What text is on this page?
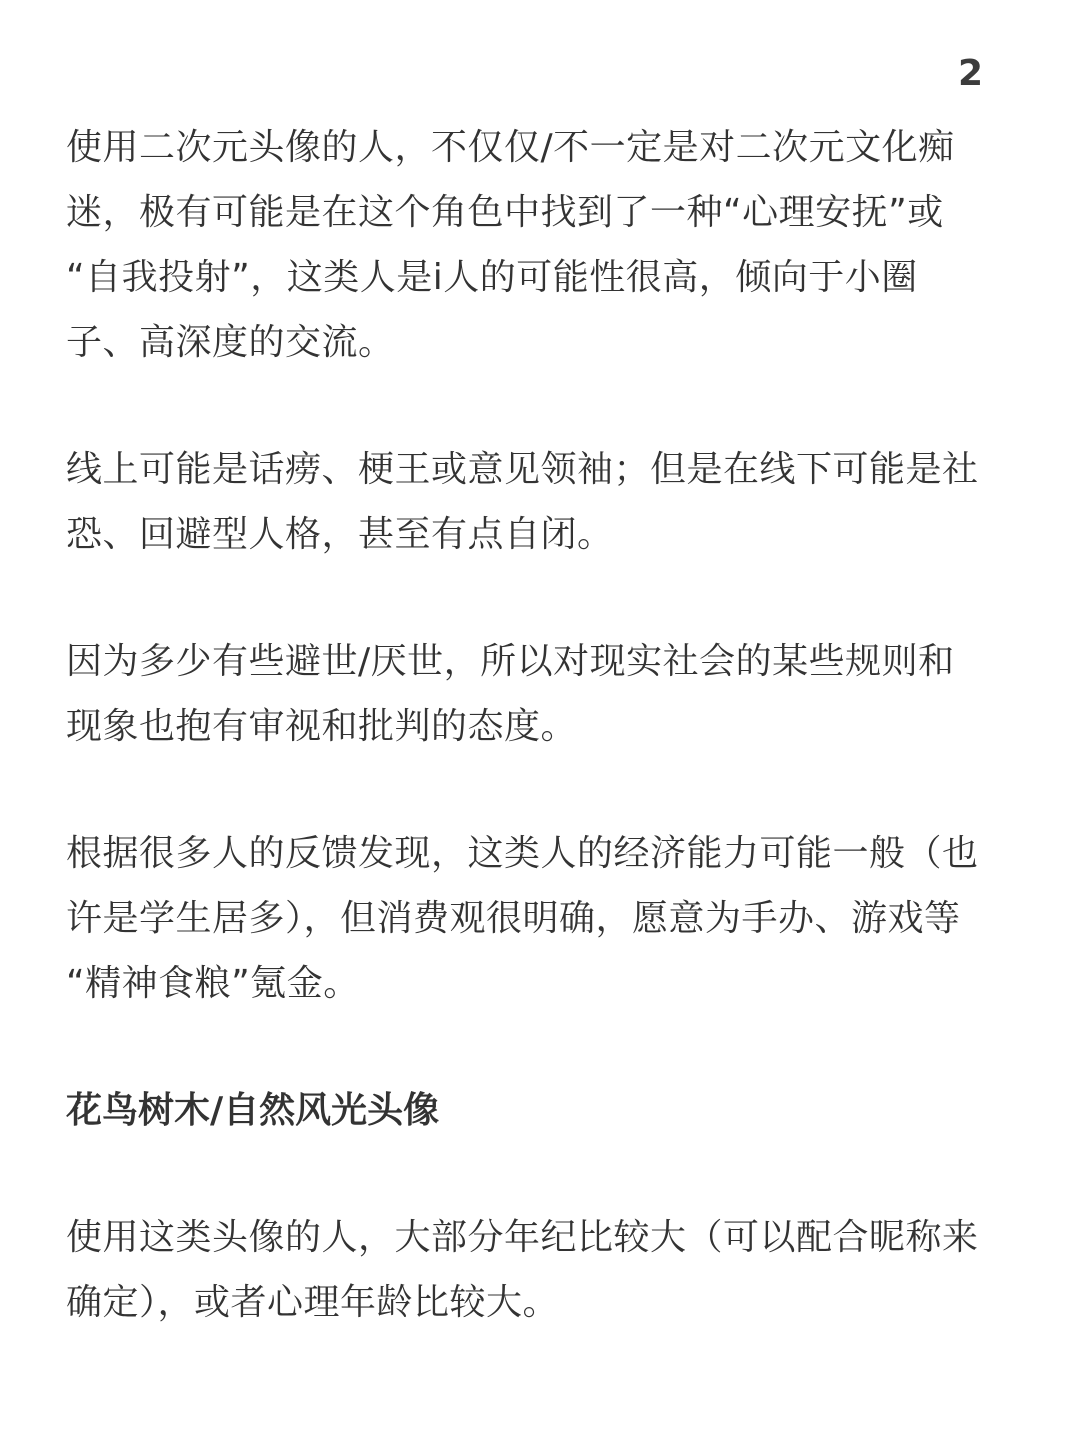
2
使用二次元头像的人，不仅仅/不一定是对二次元文化痴
迷，极有可能是在这个角色中找到了一种“心理安抚”或
“自我投射”，这类人是i人的可能性很高，倾向于小圈
子、高深度的交流。
线上可能是话痨、梗王或意见领袖；但是在线下可能是社
恐、回避型人格，甚至有点自闭。
因为多少有些避世/厌世，所以对现实社会的某些规则和
现象也抱有审视和批判的态度。
根据很多人的反馈发现，这类人的经济能力可能一般（也
许是学生居多），但消费观很明确，愿意为手办、游戏等
“精神食粮”氪金。
花鸟树木/自然风光头像
使用这类头像的人，大部分年纪比较大（可以配合昵称来
确定），或者心理年龄比较大。
